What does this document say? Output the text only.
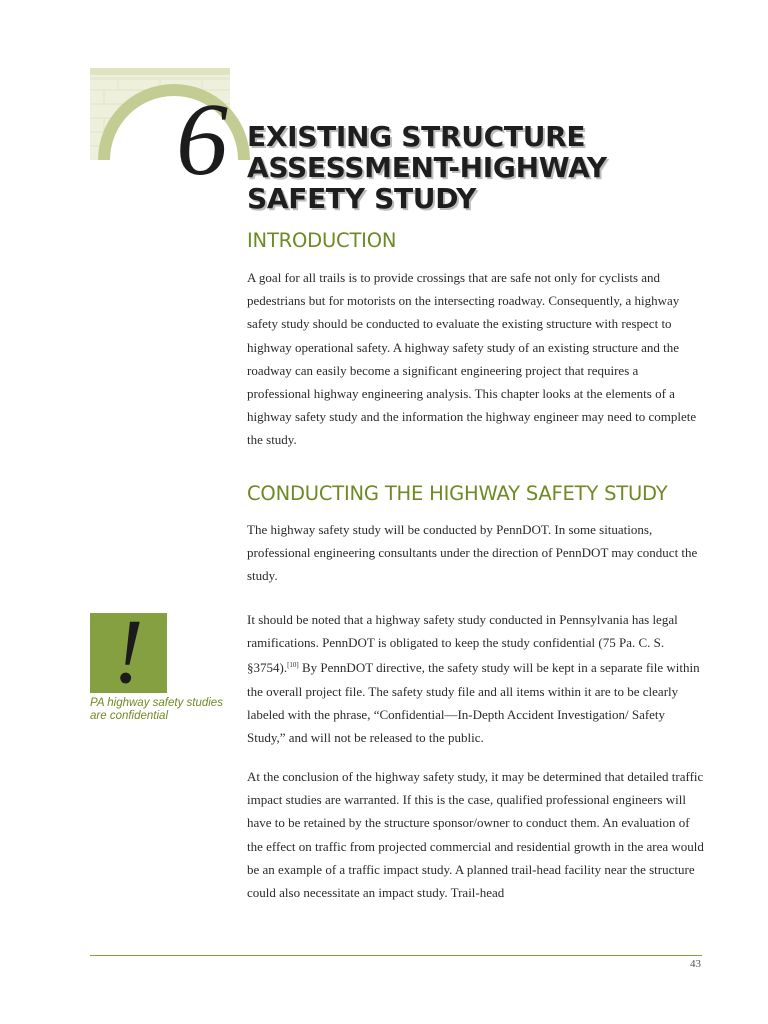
6 EXISTING STRUCTURE
ASSESSMENT-HIGHWAY
SAFETY STUDY
INTRODUCTION

A goal for all trails is to provide crossings that are safe not only for cyclists and pedestrians but for motorists on the intersecting roadway. Consequently, a highway safety study should be conducted to evaluate the existing structure with respect to highway operational safety. A highway safety study of an existing structure and the roadway can easily become a significant engineering project that requires a professional highway engineering analysis. This chapter looks at the elements of a highway safety study and the information the highway engineer may need to complete the study.

CONDUCTING THE HIGHWAY SAFETY STUDY

The highway safety study will be conducted by PennDOT. In some situations, professional engineering consultants under the direction of PennDOT may conduct the study.

It should be noted that a highway safety study conducted in Pennsylvania has legal ramifications. PennDOT is obligated to keep the study confidential (75 Pa. C. S. §3754).[10] By PennDOT directive, the safety study will be kept in a separate file within the overall project file. The safety study file and all items within it are to be clearly labeled with the phrase, “Confidential—In-Depth Accident Investigation/ Safety Study,” and will not be released to the public.

At the conclusion of the highway safety study, it may be determined that detailed traffic impact studies are warranted. If this is the case, qualified professional engineers will have to be retained by the structure sponsor/owner to conduct them. An evaluation of the effect on traffic from projected commercial and residential growth in the area would be an example of a traffic impact study. A planned trail-head facility near the structure could also necessitate an impact study. Trail-head

!

PA highway safety studies
are confidential

43
